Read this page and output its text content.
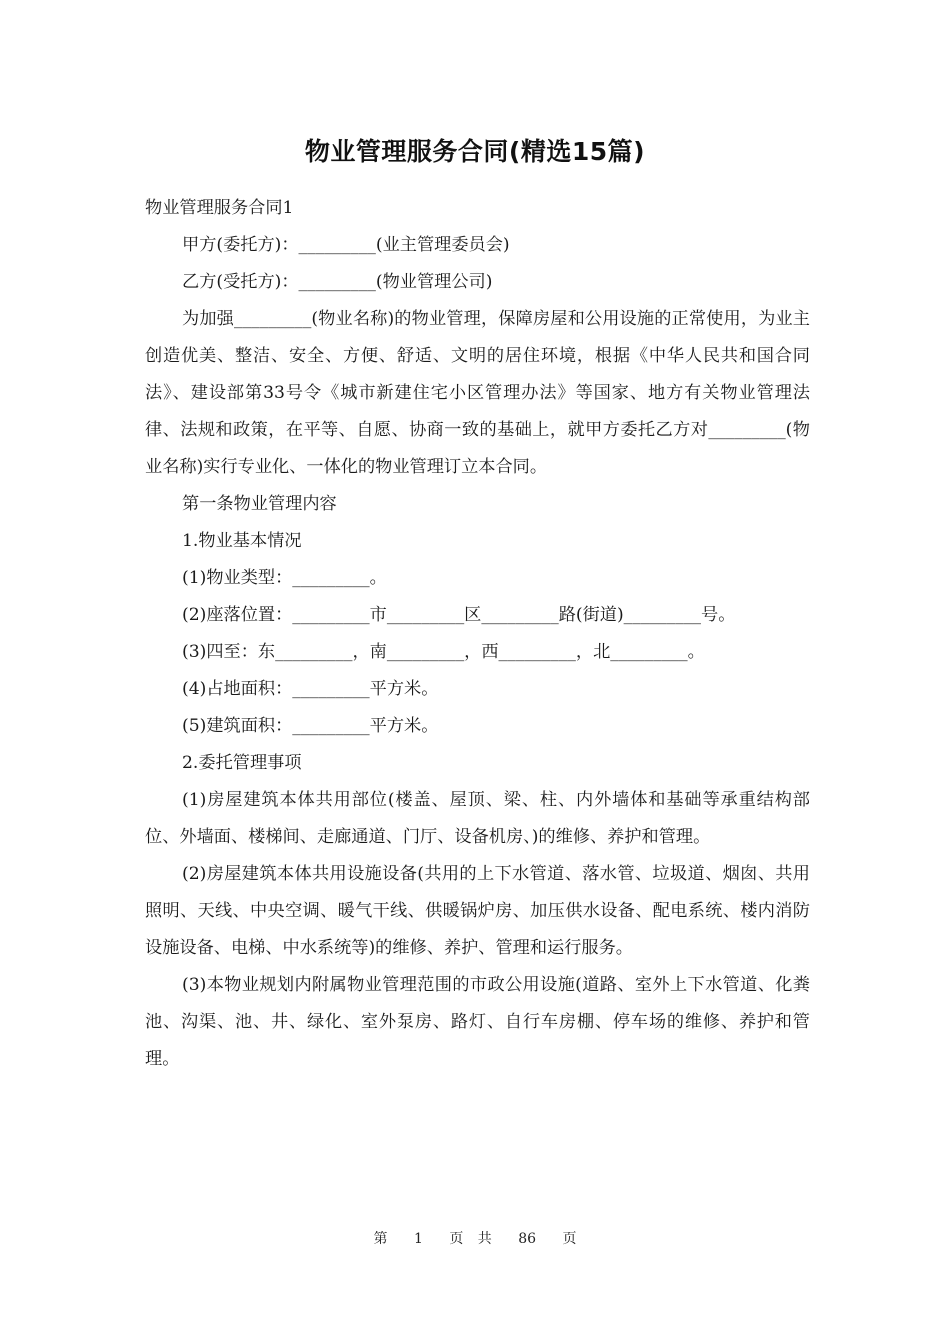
物业管理服务合同(精选15篇)

物业管理服务合同1

甲方(委托方)：_________(业主管理委员会)

乙方(受托方)：_________(物业管理公司)

为加强_________(物业名称)的物业管理，保障房屋和公用设施的正常使用，为业主创造优美、整洁、安全、方便、舒适、文明的居住环境，根据《中华人民共和国合同法》、建设部第33号令《城市新建住宅小区管理办法》等国家、地方有关物业管理法律、法规和政策，在平等、自愿、协商一致的基础上，就甲方委托乙方对_________(物业名称)实行专业化、一体化的物业管理订立本合同。

第一条物业管理内容

1.物业基本情况

(1)物业类型：_________。

(2)座落位置：_________市_________区_________路(街道)_________号。

(3)四至：东_________，南_________，西_________，北_________。

(4)占地面积：_________平方米。

(5)建筑面积：_________平方米。

2.委托管理事项

(1)房屋建筑本体共用部位(楼盖、屋顶、梁、柱、内外墙体和基础等承重结构部位、外墙面、楼梯间、走廊通道、门厅、设备机房、)的维修、养护和管理。

(2)房屋建筑本体共用设施设备(共用的上下水管道、落水管、垃圾道、烟囱、共用照明、天线、中央空调、暖气干线、供暖锅炉房、加压供水设备、配电系统、楼内消防设施设备、电梯、中水系统等)的维修、养护、管理和运行服务。

(3)本物业规划内附属物业管理范围的市政公用设施(道路、室外上下水管道、化粪池、沟渠、池、井、绿化、室外泵房、路灯、自行车房棚、停车场的维修、养护和管理。

第 1 页 共 86 页
